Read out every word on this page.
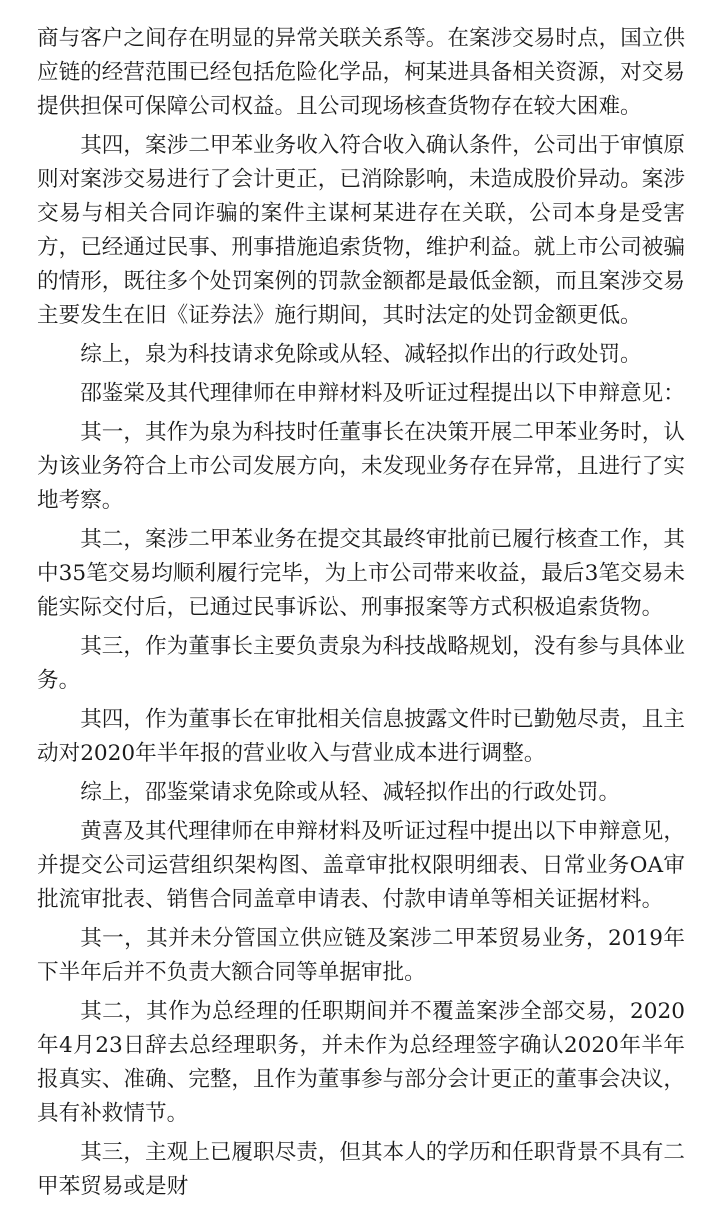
商与客户之间存在明显的异常关联关系等。在案涉交易时点，国立供应链的经营范围已经包括危险化学品，柯某进具备相关资源，对交易提供担保可保障公司权益。且公司现场核查货物存在较大困难。

其四，案涉二甲苯业务收入符合收入确认条件，公司出于审慎原则对案涉交易进行了会计更正，已消除影响，未造成股价异动。案涉交易与相关合同诈骗的案件主谋柯某进存在关联，公司本身是受害方，已经通过民事、刑事措施追索货物，维护利益。就上市公司被骗的情形，既往多个处罚案例的罚款金额都是最低金额，而且案涉交易主要发生在旧《证券法》施行期间，其时法定的处罚金额更低。

综上，泉为科技请求免除或从轻、减轻拟作出的行政处罚。

邵鉴棠及其代理律师在申辩材料及听证过程提出以下申辩意见：

其一，其作为泉为科技时任董事长在决策开展二甲苯业务时，认为该业务符合上市公司发展方向，未发现业务存在异常，且进行了实地考察。

其二，案涉二甲苯业务在提交其最终审批前已履行核查工作，其中35笔交易均顺利履行完毕，为上市公司带来收益，最后3笔交易未能实际交付后，已通过民事诉讼、刑事报案等方式积极追索货物。

其三，作为董事长主要负责泉为科技战略规划，没有参与具体业务。

其四，作为董事长在审批相关信息披露文件时已勤勉尽责，且主动对2020年半年报的营业收入与营业成本进行调整。

综上，邵鉴棠请求免除或从轻、减轻拟作出的行政处罚。

黄喜及其代理律师在申辩材料及听证过程中提出以下申辩意见，并提交公司运营组织架构图、盖章审批权限明细表、日常业务OA审批流审批表、销售合同盖章申请表、付款申请单等相关证据材料。

其一，其并未分管国立供应链及案涉二甲苯贸易业务，2019年下半年后并不负责大额合同等单据审批。

其二，其作为总经理的任职期间并不覆盖案涉全部交易，2020年4月23日辞去总经理职务，并未作为总经理签字确认2020年半年报真实、准确、完整，且作为董事参与部分会计更正的董事会决议，具有补救情节。

其三，主观上已履职尽责，但其本人的学历和任职背景不具有二甲苯贸易或是财
